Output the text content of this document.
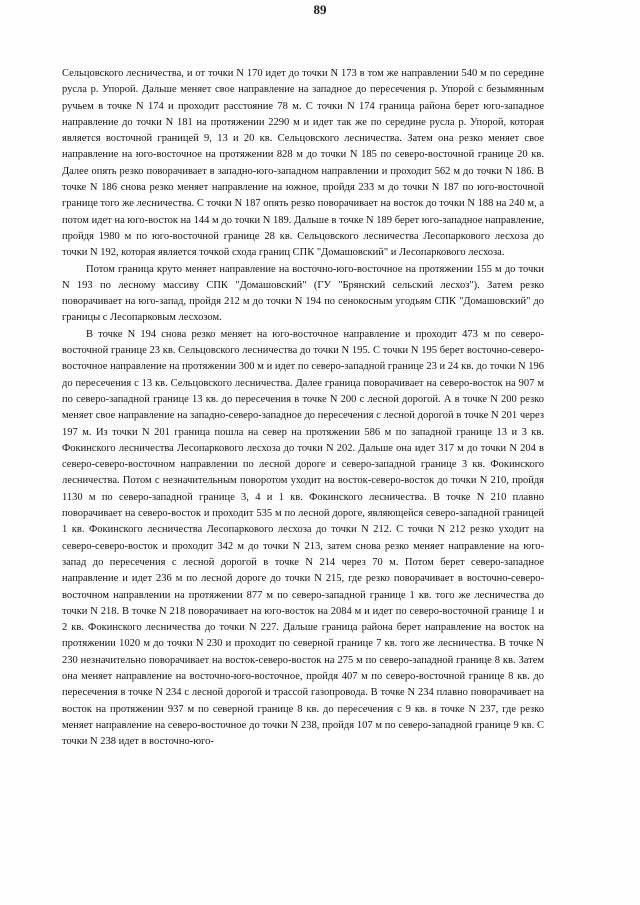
89

Сельцовского лесничества, и от точки N 170 идет до точки N 173 в том же направлении 540 м по середине русла р. Упорой. Дальше меняет свое направление на западное до пересечения р. Упорой с безымянным ручьем в точке N 174 и проходит расстояние 78 м. С точки N 174 граница района берет юго-западное направление до точки N 181 на протяжении 2290 м и идет так же по середине русла р. Упорой, которая является восточной границей 9, 13 и 20 кв. Сельцовского лесничества. Затем она резко меняет свое направление на юго-восточное на протяжении 828 м до точки N 185 по северо-восточной границе 20 кв. Далее опять резко поворачивает в западно-юго-западном направлении и проходит 562 м до точки N 186. В точке N 186 снова резко меняет направление на южное, пройдя 233 м до точки N 187 по юго-восточной границе того же лесничества. С точки N 187 опять резко поворачивает на восток до точки N 188 на 240 м, а потом идет на юго-восток на 144 м до точки N 189. Дальше в точке N 189 берет юго-западное направление, пройдя 1980 м по юго-восточной границе 28 кв. Сельцовского лесничества Лесопаркового лесхоза до точки N 192, которая является точкой схода границ СПК "Домашовский" и Лесопаркового лесхоза.

Потом граница круто меняет направление на восточно-юго-восточное на протяжении 155 м до точки N 193 по лесному массиву СПК "Домашовский" (ГУ "Брянский сельский лесхоз"). Затем резко поворачивает на юго-запад, пройдя 212 м до точки N 194 по сенокосным угодьям СПК "Домашовский" до границы с Лесопарковым лесхозом.

В точке N 194 снова резко меняет на юго-восточное направление и проходит 473 м по северо-восточной границе 23 кв. Сельцовского лесничества до точки N 195. С точки N 195 берет восточно-северо-восточное направление на протяжении 300 м и идет по северо-западной границе 23 и 24 кв. до точки N 196 до пересечения с 13 кв. Сельцовского лесничества. Далее граница поворачивает на северо-восток на 907 м по северо-западной границе 13 кв. до пересечения в точке N 200 с лесной дорогой. А в точке N 200 резко меняет свое направление на западно-северо-западное до пересечения с лесной дорогой в точке N 201 через 197 м. Из точки N 201 граница пошла на север на протяжении 586 м по западной границе 13 и 3 кв. Фокинского лесничества Лесопаркового лесхоза до точки N 202. Дальше она идет 317 м до точки N 204 в северо-северо-восточном направлении по лесной дороге и северо-западной границе 3 кв. Фокинского лесничества. Потом с незначительным поворотом уходит на восток-северо-восток до точки N 210, пройдя 1130 м по северо-западной границе 3, 4 и 1 кв. Фокинского лесничества. В точке N 210 плавно поворачивает на северо-восток и проходит 535 м по лесной дороге, являющейся северо-западной границей 1 кв. Фокинского лесничества Лесопаркового лесхоза до точки N 212. С точки N 212 резко уходит на северо-северо-восток и проходит 342 м до точки N 213, затем снова резко меняет направление на юго-запад до пересечения с лесной дорогой в точке N 214 через 70 м. Потом берет северо-западное направление и идет 236 м по лесной дороге до точки N 215, где резко поворачивает в восточно-северо-восточном направлении на протяжении 877 м по северо-западной границе 1 кв. того же лесничества до точки N 218. В точке N 218 поворачивает на юго-восток на 2084 м и идет по северо-восточной границе 1 и 2 кв. Фокинского лесничества до точки N 227. Дальше граница района берет направление на восток на протяжении 1020 м до точки N 230 и проходит по северной границе 7 кв. того же лесничества. В точке N 230 незначительно поворачивает на восток-северо-восток на 275 м по северо-западной границе 8 кв. Затем она меняет направление на восточно-юго-восточное, пройдя 407 м по северо-восточной границе 8 кв. до пересечения в точке N 234 с лесной дорогой и трассой газопровода. В точке N 234 плавно поворачивает на восток на протяжении 937 м по северной границе 8 кв. до пересечения с 9 кв. в точке N 237, где резко меняет направление на северо-восточное до точки N 238, пройдя 107 м по северо-западной границе 9 кв. С точки N 238 идет в восточно-юго-
